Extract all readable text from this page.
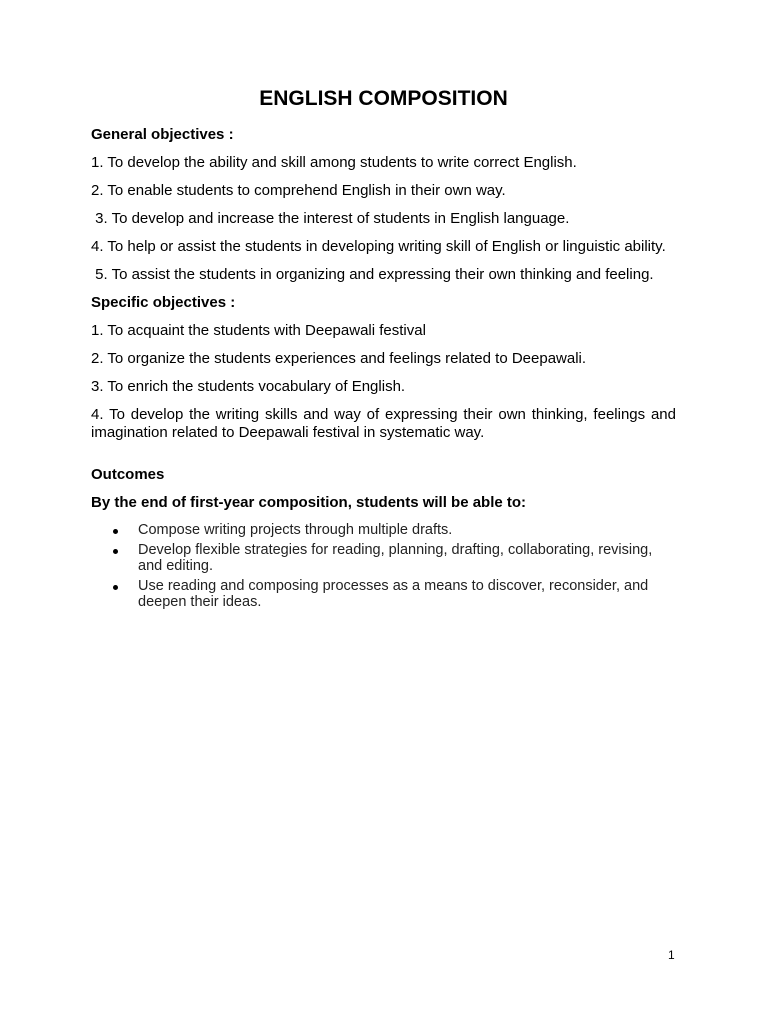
ENGLISH COMPOSITION

General objectives :

1. To develop the ability and skill among students to write correct English.

2. To enable students to comprehend English in their own way.

3. To develop and increase the interest of students in English language.

4. To help or assist the students in developing writing skill of English or linguistic ability.

5. To assist the students in organizing and expressing their own thinking and feeling.

Specific objectives :

1. To acquaint the students with Deepawali festival

2. To organize the students experiences and feelings related to Deepawali.

3. To enrich the students vocabulary of English.

4. To develop the writing skills and way of expressing their own thinking, feelings and imagination related to Deepawali festival in systematic way.

Outcomes

By the end of first-year composition, students will be able to:

Compose writing projects through multiple drafts.
Develop flexible strategies for reading, planning, drafting, collaborating, revising, and editing.
Use reading and composing processes as a means to discover, reconsider, and deepen their ideas.
1
